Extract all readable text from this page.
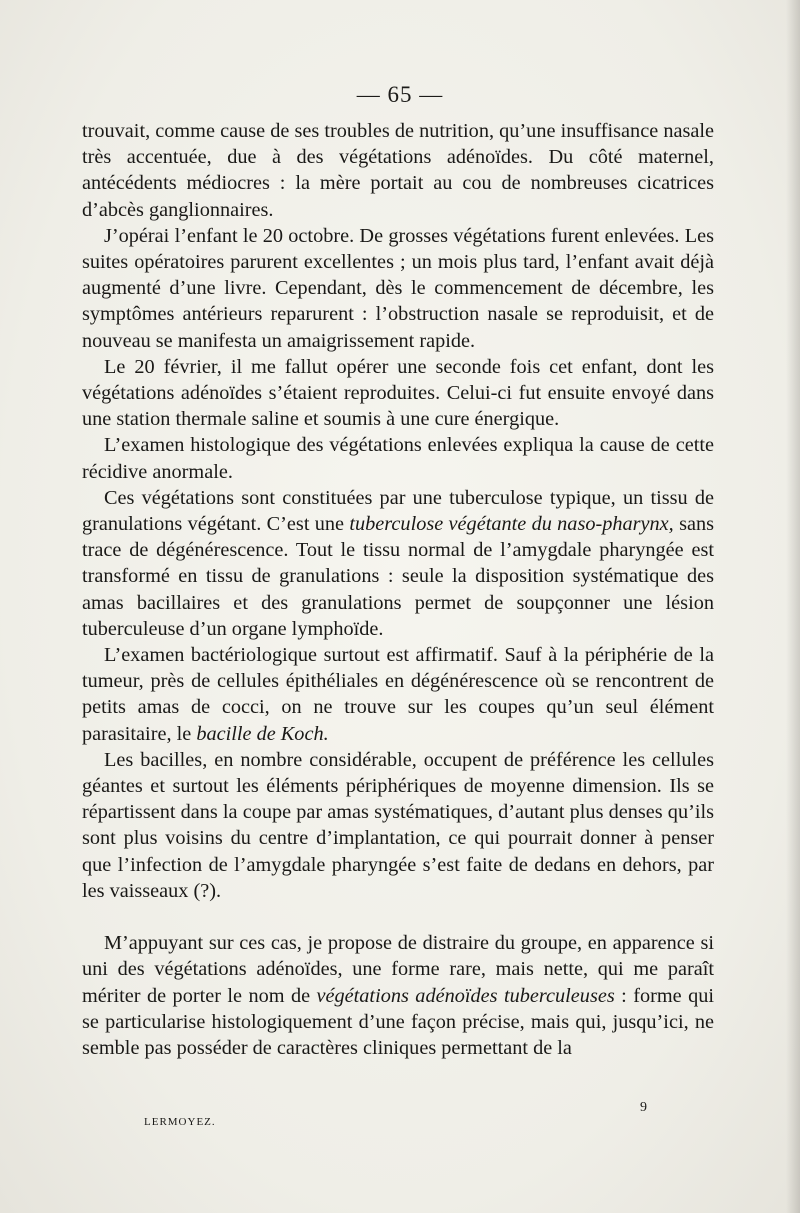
— 65 —

trouvait, comme cause de ses troubles de nutrition, qu’une insuffisance nasale très accentuée, due à des végétations adénoïdes. Du côté maternel, antécédents médiocres : la mère portait au cou de nombreuses cicatrices d’abcès ganglionnaires.

J’opérai l’enfant le 20 octobre. De grosses végétations furent enlevées. Les suites opératoires parurent excellentes ; un mois plus tard, l’enfant avait déjà augmenté d’une livre. Cependant, dès le commencement de décembre, les symptômes antérieurs reparurent : l’obstruction nasale se reproduisit, et de nouveau se manifesta un amaigrissement rapide.

Le 20 février, il me fallut opérer une seconde fois cet enfant, dont les végétations adénoïdes s’étaient reproduites. Celui-ci fut ensuite envoyé dans une station thermale saline et soumis à une cure énergique.

L’examen histologique des végétations enlevées expliqua la cause de cette récidive anormale.

Ces végétations sont constituées par une tuberculose typique, un tissu de granulations végétant. C’est une tuberculose végétante du naso-pharynx, sans trace de dégénérescence. Tout le tissu normal de l’amygdale pharyngée est transformé en tissu de granulations : seule la disposition systématique des amas bacillaires et des granulations permet de soupçonner une lésion tuberculeuse d’un organe lymphoïde.

L’examen bactériologique surtout est affirmatif. Sauf à la périphérie de la tumeur, près de cellules épithéliales en dégénérescence où se rencontrent de petits amas de cocci, on ne trouve sur les coupes qu’un seul élément parasitaire, le bacille de Koch.

Les bacilles, en nombre considérable, occupent de préférence les cellules géantes et surtout les éléments périphériques de moyenne dimension. Ils se répartissent dans la coupe par amas systématiques, d’autant plus denses qu’ils sont plus voisins du centre d’implantation, ce qui pourrait donner à penser que l’infection de l’amygdale pharyngée s’est faite de dedans en dehors, par les vaisseaux (?).

M’appuyant sur ces cas, je propose de distraire du groupe, en apparence si uni des végétations adénoïdes, une forme rare, mais nette, qui me paraît mériter de porter le nom de végétations adénoïdes tuberculeuses : forme qui se particularise histologiquement d’une façon précise, mais qui, jusqu’ici, ne semble pas posséder de caractères cliniques permettant de la

LERMOYEZ.
9
